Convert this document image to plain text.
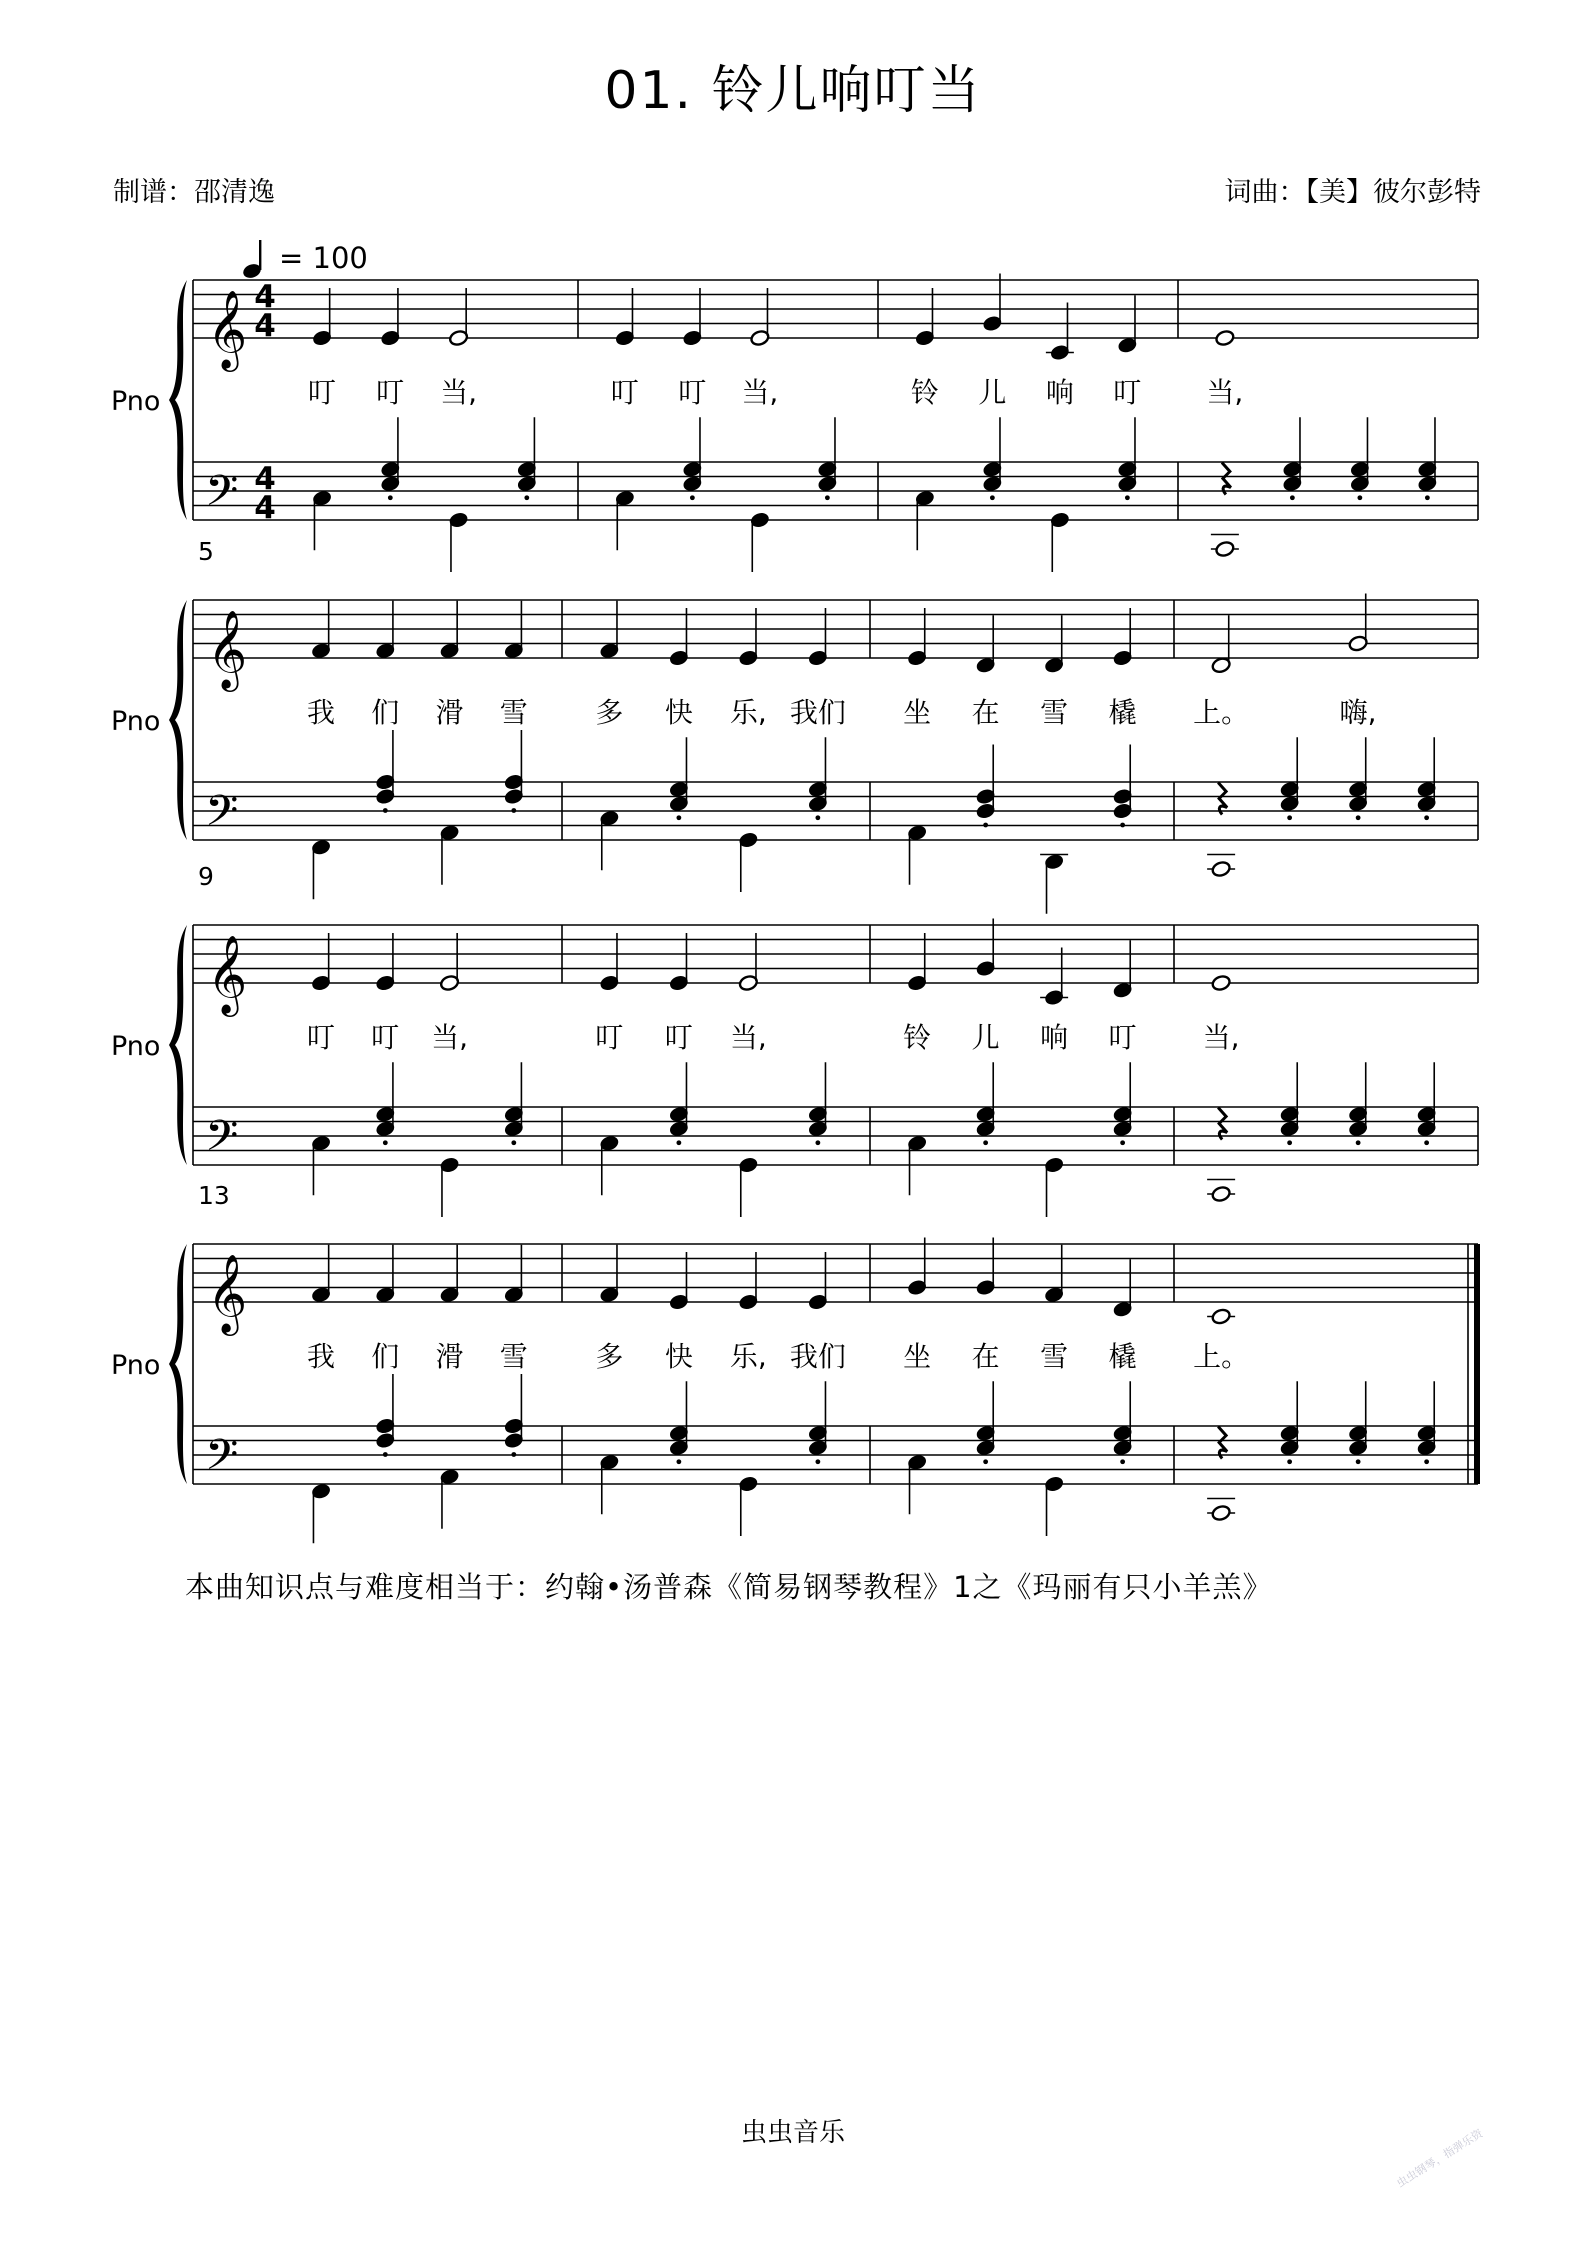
01. 铃儿响叮当
制谱：邵清逸	词曲：【美】彼尔彭特
= 100
𝄞
𝄢
4
4
4
4
Pno	叮 叮 当,	叮 叮 当,	铃 儿 响 叮 当,
𝄞
𝄢
Pno
5
我 们 滑 雪 多 快 乐, 我们 坐 在 雪 橇 上。	嗨,
𝄞
𝄢
Pno
9
叮 叮 当,	叮 叮 当,	铃 儿 响 叮 当,
𝄞
𝄢
Pno
13
我 们 滑 雪 多 快 乐, 我们 坐 在 雪 橇 上。
本曲知识点与难度相当于：约翰•汤普森《简易钢琴教程》1之《玛丽有只小羊羔》
虫虫音乐	虫虫钢琴，指弹乐资
